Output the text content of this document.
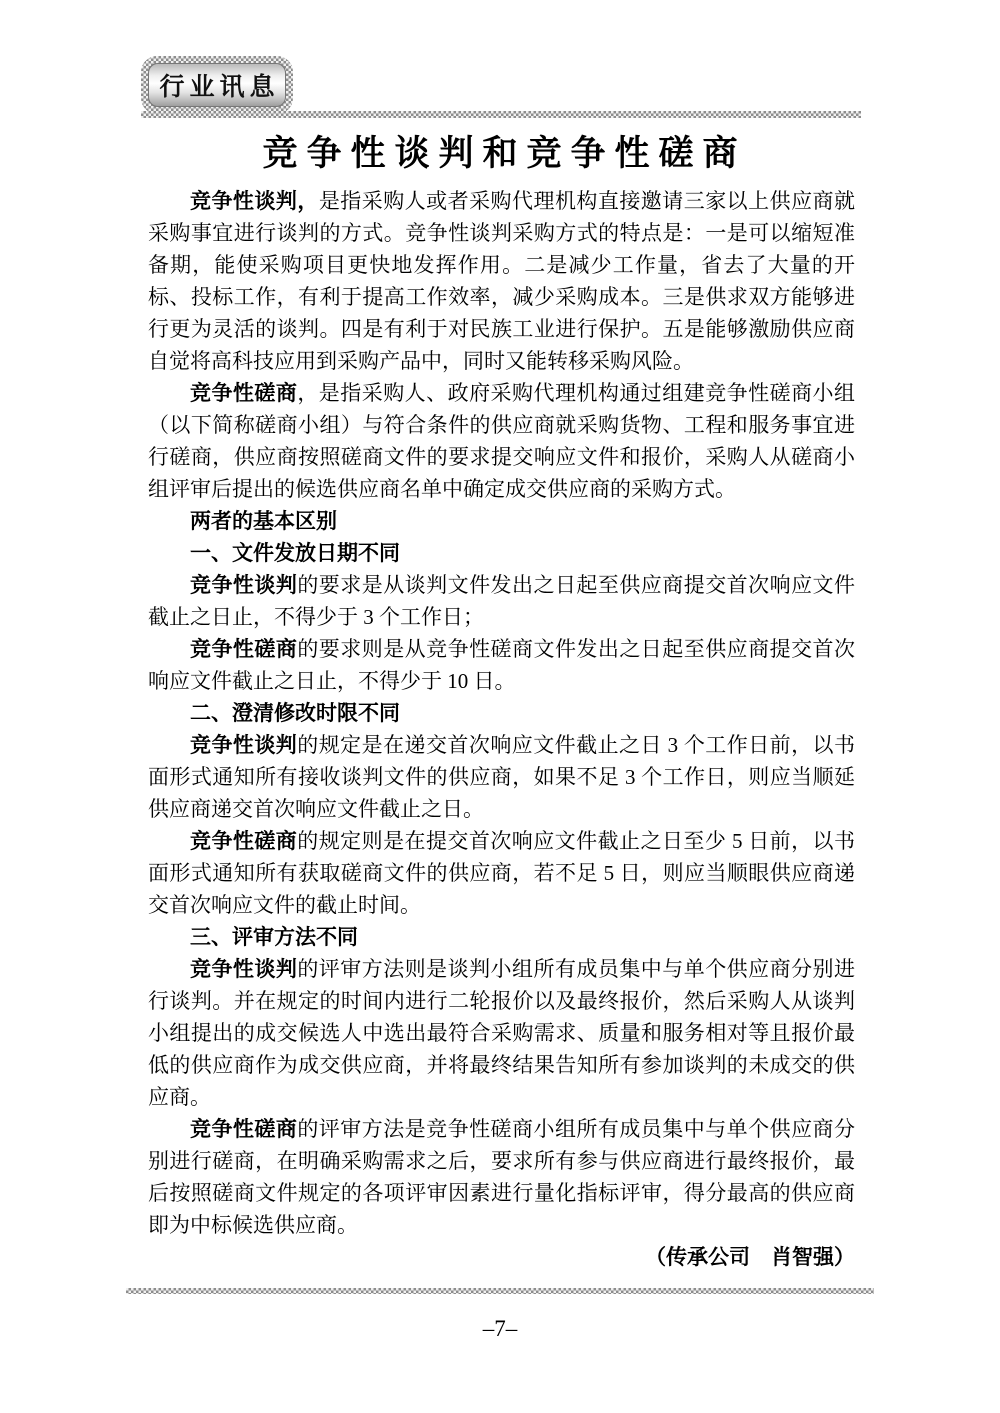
行业讯息
竞争性谈判和竞争性磋商

竞争性谈判，是指采购人或者采购代理机构直接邀请三家以上供应商就采购事宜进行谈判的方式。竞争性谈判采购方式的特点是：一是可以缩短准备期，能使采购项目更快地发挥作用。二是减少工作量，省去了大量的开标、投标工作，有利于提高工作效率，减少采购成本。三是供求双方能够进行更为灵活的谈判。四是有利于对民族工业进行保护。五是能够激励供应商自觉将高科技应用到采购产品中，同时又能转移采购风险。

竞争性磋商，是指采购人、政府采购代理机构通过组建竞争性磋商小组（以下简称磋商小组）与符合条件的供应商就采购货物、工程和服务事宜进行磋商，供应商按照磋商文件的要求提交响应文件和报价，采购人从磋商小组评审后提出的候选供应商名单中确定成交供应商的采购方式。

两者的基本区别
一、文件发放日期不同

竞争性谈判的要求是从谈判文件发出之日起至供应商提交首次响应文件截止之日止，不得少于 3 个工作日；

竞争性磋商的要求则是从竞争性磋商文件发出之日起至供应商提交首次响应文件截止之日止，不得少于 10 日。

二、澄清修改时限不同

竞争性谈判的规定是在递交首次响应文件截止之日 3 个工作日前，以书面形式通知所有接收谈判文件的供应商，如果不足 3 个工作日，则应当顺延供应商递交首次响应文件截止之日。

竞争性磋商的规定则是在提交首次响应文件截止之日至少 5 日前，以书面形式通知所有获取磋商文件的供应商，若不足 5 日，则应当顺眼供应商递交首次响应文件的截止时间。

三、评审方法不同

竞争性谈判的评审方法则是谈判小组所有成员集中与单个供应商分别进行谈判。并在规定的时间内进行二轮报价以及最终报价，然后采购人从谈判小组提出的成交候选人中选出最符合采购需求、质量和服务相对等且报价最低的供应商作为成交供应商，并将最终结果告知所有参加谈判的未成交的供应商。

竞争性磋商的评审方法是竞争性磋商小组所有成员集中与单个供应商分别进行磋商，在明确采购需求之后，要求所有参与供应商进行最终报价，最后按照磋商文件规定的各项评审因素进行量化指标评审，得分最高的供应商即为中标候选供应商。

（传承公司　肖智强）

–7–
